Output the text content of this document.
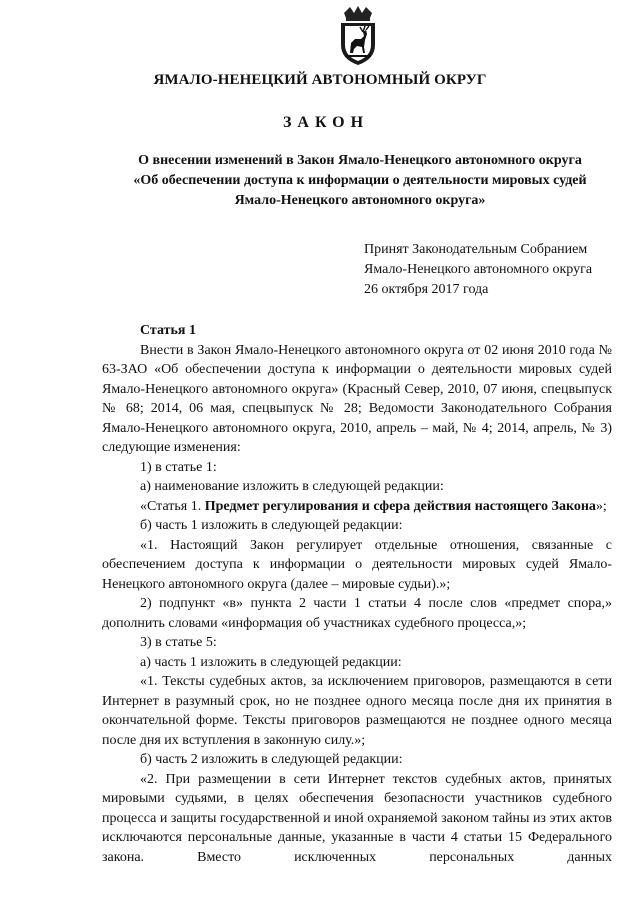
ЯМАЛО-НЕНЕЦКИЙ АВТОНОМНЫЙ ОКРУГ
ЗАКОН
О внесении изменений в Закон Ямало-Ненецкого автономного округа
«Об обеспечении доступа к информации о деятельности мировых судей
Ямало-Ненецкого автономного округа»
Принят Законодательным Собранием
Ямало-Ненецкого автономного округа
26 октября 2017 года

Статья 1

Внести в Закон Ямало-Ненецкого автономного округа от 02 июня 2010 года № 63-ЗАО «Об обеспечении доступа к информации о деятельности мировых судей Ямало-Ненецкого автономного округа» (Красный Север, 2010, 07 июня, спецвыпуск № 68; 2014, 06 мая, спецвыпуск № 28; Ведомости Законодательного Собрания Ямало-Ненецкого автономного округа, 2010, апрель – май, № 4; 2014, апрель, № 3) следующие изменения:

1) в статье 1:

а) наименование изложить в следующей редакции:

«Статья 1. Предмет регулирования и сфера действия настоящего Закона»;

б) часть 1 изложить в следующей редакции:

«1. Настоящий Закон регулирует отдельные отношения, связанные с обеспечением доступа к информации о деятельности мировых судей Ямало-Ненецкого автономного округа (далее – мировые судьи).»;

2) подпункт «в» пункта 2 части 1 статьи 4 после слов «предмет спора,» дополнить словами «информация об участниках судебного процесса,»;

3) в статье 5:

а) часть 1 изложить в следующей редакции:

«1. Тексты судебных актов, за исключением приговоров, размещаются в сети Интернет в разумный срок, но не позднее одного месяца после дня их принятия в окончательной форме. Тексты приговоров размещаются не позднее одного месяца после дня их вступления в законную силу.»;

б) часть 2 изложить в следующей редакции:

«2. При размещении в сети Интернет текстов судебных актов, принятых мировыми судьями, в целях обеспечения безопасности участников судебного процесса и защиты государственной и иной охраняемой законом тайны из этих актов исключаются персональные данные, указанные в части 4 статьи 15 Федерального закона. Вместо исключенных персональных данных
